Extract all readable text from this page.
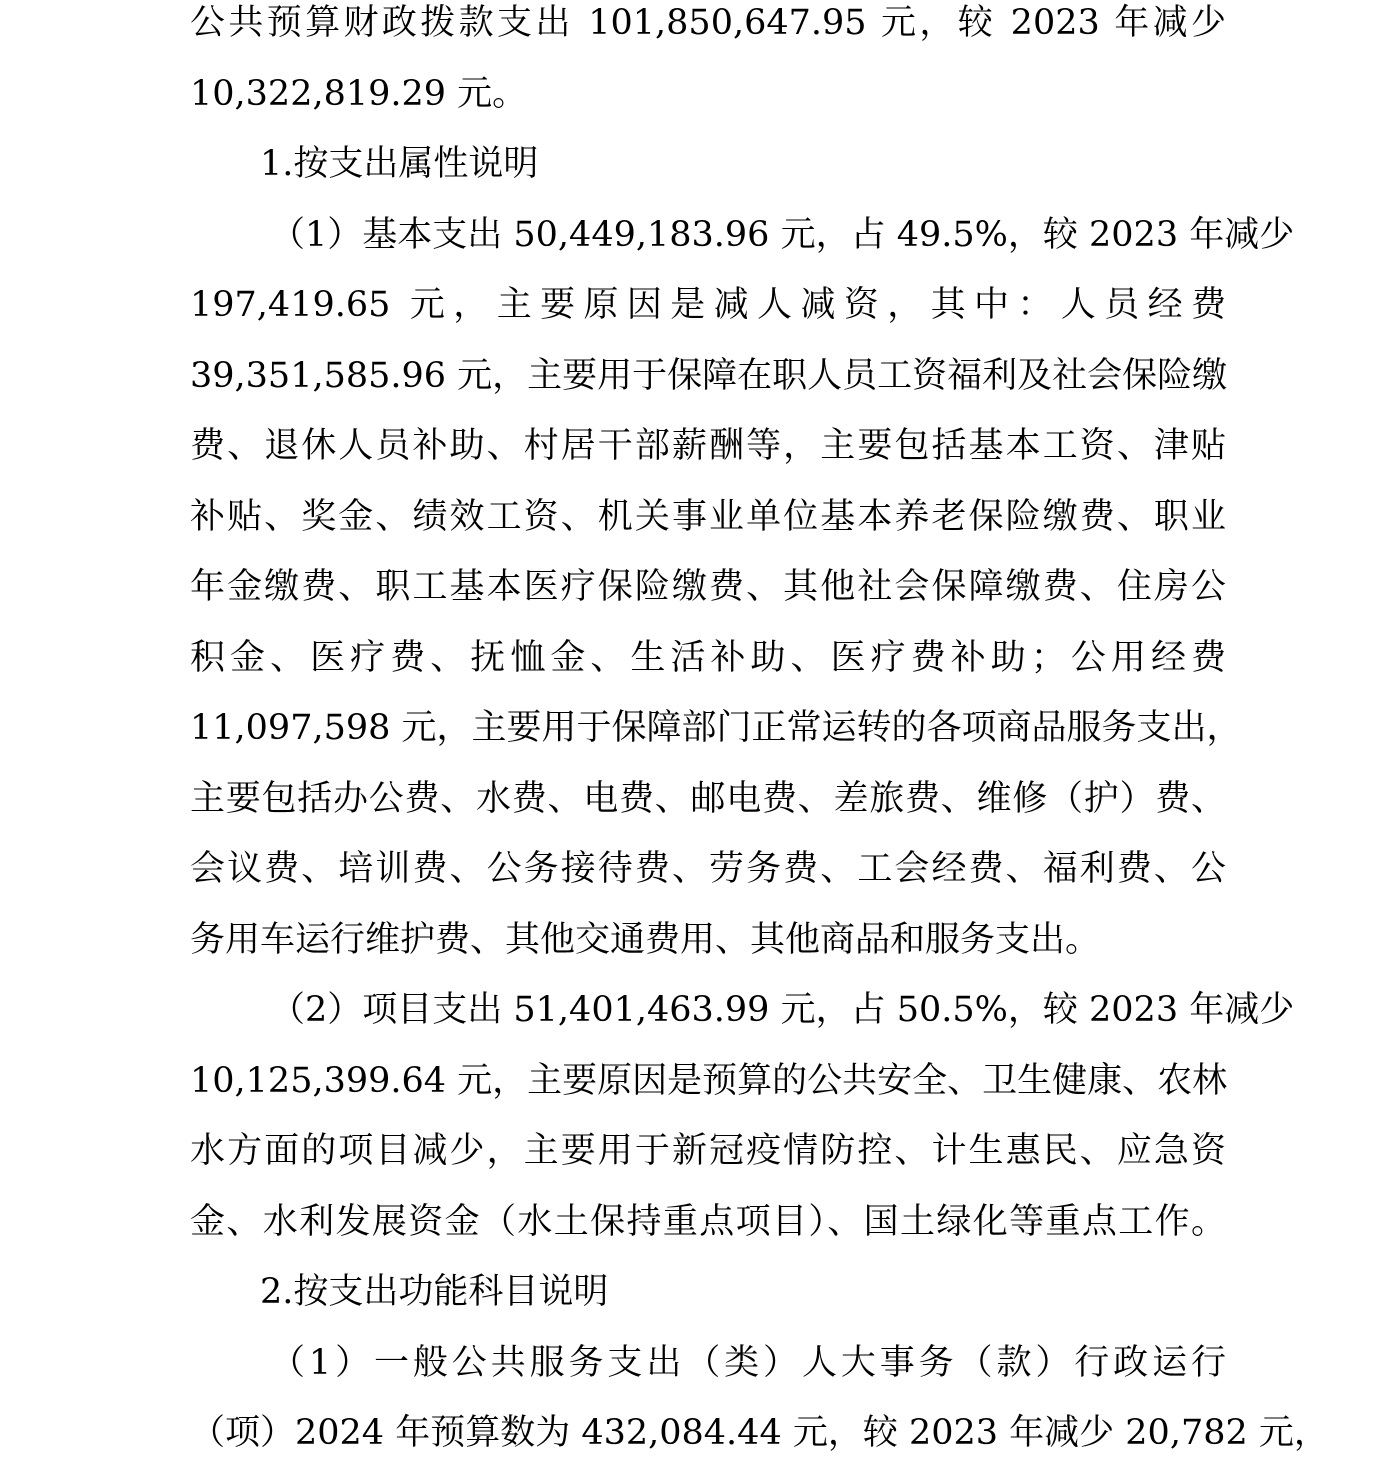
公共预算财政拨款支出 101,850,647.95 元，较 2023 年减少
10,322,819.29 元。
1.按支出属性说明
（1）基本支出 50,449,183.96 元，占 49.5%，较 2023 年减少
197,419.65 元，主要原因是减人减资，其中：人员经费
39,351,585.96 元，主要用于保障在职人员工资福利及社会保险缴
费、退休人员补助、村居干部薪酬等，主要包括基本工资、津贴
补贴、奖金、绩效工资、机关事业单位基本养老保险缴费、职业
年金缴费、职工基本医疗保险缴费、其他社会保障缴费、住房公
积金、医疗费、抚恤金、生活补助、医疗费补助；公用经费
11,097,598 元，主要用于保障部门正常运转的各项商品服务支出，
主要包括办公费、水费、电费、邮电费、差旅费、维修（护）费、
会议费、培训费、公务接待费、劳务费、工会经费、福利费、公
务用车运行维护费、其他交通费用、其他商品和服务支出。
（2）项目支出 51,401,463.99 元，占 50.5%，较 2023 年减少
10,125,399.64 元，主要原因是预算的公共安全、卫生健康、农林
水方面的项目减少，主要用于新冠疫情防控、计生惠民、应急资
金、水利发展资金（水土保持重点项目）、国土绿化等重点工作。
2.按支出功能科目说明
（1）一般公共服务支出（类）人大事务（款）行政运行
（项）2024 年预算数为 432,084.44 元，较 2023 年减少 20,782 元，
